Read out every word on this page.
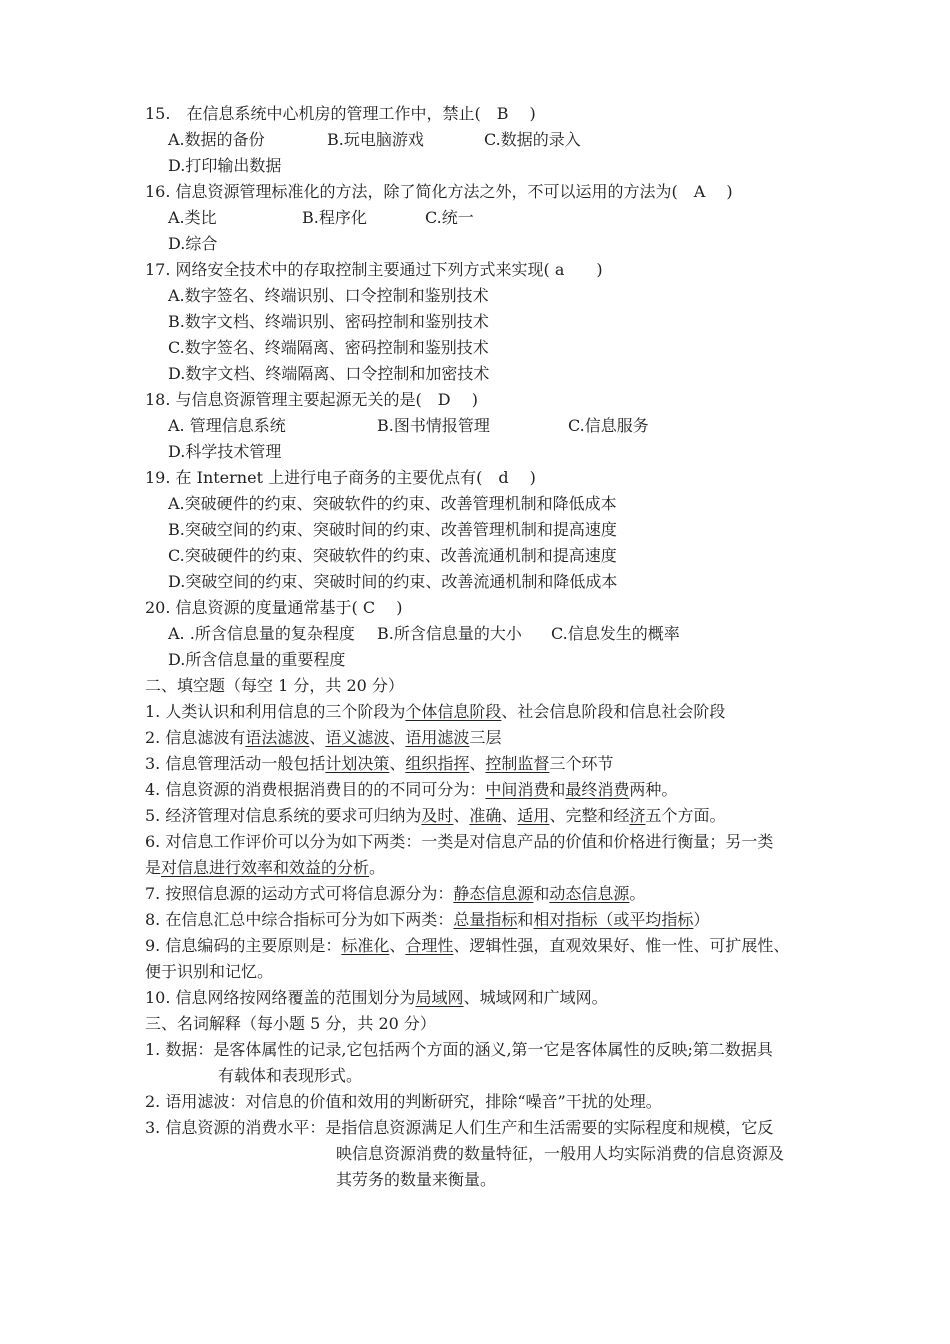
15.　在信息系统中心机房的管理工作中，禁止(　B　 )
A.数据的备份	B.玩电脑游戏	C.数据的录入
D.打印输出数据
16. 信息资源管理标准化的方法，除了简化方法之外，不可以运用的方法为(　A　 )
A.类比	B.程序化	C.统一
D.综合
17. 网络安全技术中的存取控制主要通过下列方式来实现( a　　)
A.数字签名、终端识别、口令控制和鉴别技术
B.数字文档、终端识别、密码控制和鉴别技术
C.数字签名、终端隔离、密码控制和鉴别技术
D.数字文档、终端隔离、口令控制和加密技术
18. 与信息资源管理主要起源无关的是(　D　 )
A. 管理信息系统	B.图书情报管理	C.信息服务
D.科学技术管理
19. 在 Internet 上进行电子商务的主要优点有(　d　 )
A.突破硬件的约束、突破软件的约束、改善管理机制和降低成本
B.突破空间的约束、突破时间的约束、改善管理机制和提高速度
C.突破硬件的约束、突破软件的约束、改善流通机制和提高速度
D.突破空间的约束、突破时间的约束、改善流通机制和降低成本
20. 信息资源的度量通常基于( C　 )
A. .所含信息量的复杂程度 B.所含信息量的大小 C.信息发生的概率
D.所含信息量的重要程度
二、填空题（每空 1 分，共 20 分）
1. 人类认识和利用信息的三个阶段为个体信息阶段、社会信息阶段和信息社会阶段
2. 信息滤波有语法滤波、语义滤波、语用滤波三层
3. 信息管理活动一般包括计划决策、组织指挥、控制监督三个环节
4. 信息资源的消费根据消费目的的不同可分为：中间消费和最终消费两种。
5. 经济管理对信息系统的要求可归纳为及时、准确、适用、完整和经济五个方面。
6. 对信息工作评价可以分为如下两类：一类是对信息产品的价值和价格进行衡量；另一类
是对信息进行效率和效益的分析。
7. 按照信息源的运动方式可将信息源分为：静态信息源和动态信息源。
8. 在信息汇总中综合指标可分为如下两类：总量指标和相对指标（或平均指标）
9. 信息编码的主要原则是：标准化、合理性、逻辑性强，直观效果好、惟一性、可扩展性、
便于识别和记忆。
10. 信息网络按网络覆盖的范围划分为局域网、城域网和广域网。
三、名词解释（每小题 5 分，共 20 分）
1. 数据：是客体属性的记录,它包括两个方面的涵义,第一它是客体属性的反映;第二数据具
有载体和表现形式。
2. 语用滤波：对信息的价值和效用的判断研究，排除“噪音”干扰的处理。
3. 信息资源的消费水平：是指信息资源满足人们生产和生活需要的实际程度和规模，它反
映信息资源消费的数量特征，一般用人均实际消费的信息资源及
其劳务的数量来衡量。
